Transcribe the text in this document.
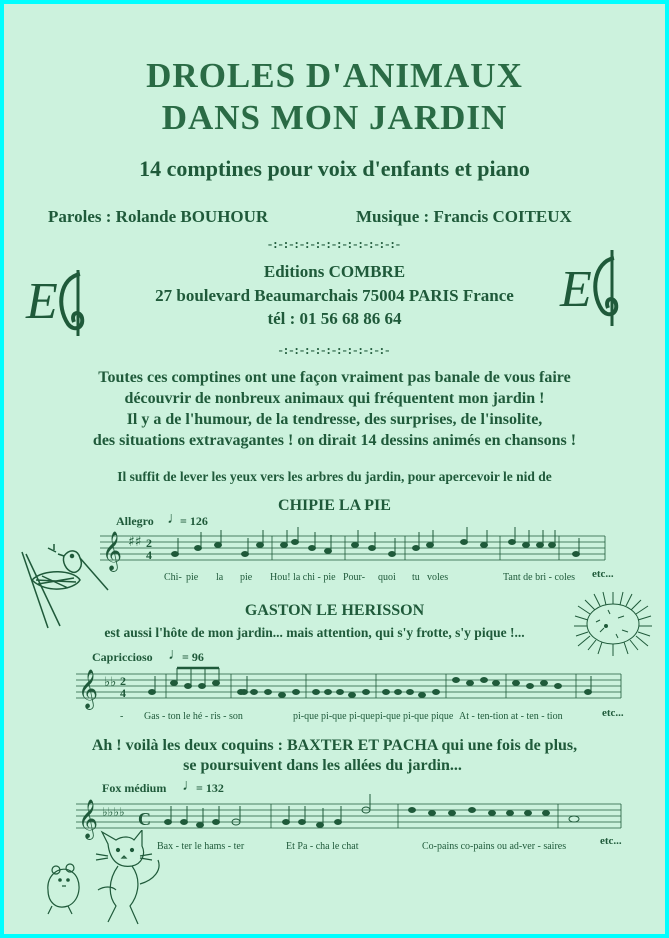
DROLES D'ANIMAUX
DANS MON JARDIN
14 comptines pour voix d'enfants et piano
Paroles : Rolande BOUHOUR	Musique : Francis COITEUX
-:-:-:-:-:-:-:-:-:-:-:-:-
E	E
Editions COMBRE
27 boulevard Beaumarchais 75004 PARIS France
tél : 01 56 68 86 64
-:-:-:-:-:-:-:-:-:-:-
Toutes ces comptines ont une façon vraiment pas banale de vous faire
découvrir de nonbreux animaux qui fréquentent mon jardin !
Il y a de l'humour, de la tendresse, des surprises, de l'insolite,
des situations extravagantes ! on dirait 14 dessins animés en chansons !
Il suffit de lever les yeux vers les arbres du jardin, pour apercevoir le nid de
CHIPIE LA PIE
Allegro ♩
= 126
𝄞 ♯♯ 2
4
Chi- pie la pie Hou! la chi - pie Pour- quoi tu voles	Tant de bri - coles etc...
GASTON LE HERISSON
est aussi l'hôte de mon jardin... mais attention, qui s'y frotte, s'y pique !...
Capriccioso ♩
= 96
𝄞 ♭♭ 2
4
- Gas - ton le hé - ris - son	pi-que pi-que pi-que pi-que pi-que pique At - ten-tion at - ten - tion	etc...
Ah ! voilà les deux coquins : BAXTER ET PACHA qui une fois de plus,
se poursuivent dans les allées du jardin...
Fox médium ♩
= 132
𝄞 ♭♭♭♭ C
Bax - ter le hams - ter	Et Pa - cha le chat	Co-pains co-pains ou ad-ver - saires	etc...
